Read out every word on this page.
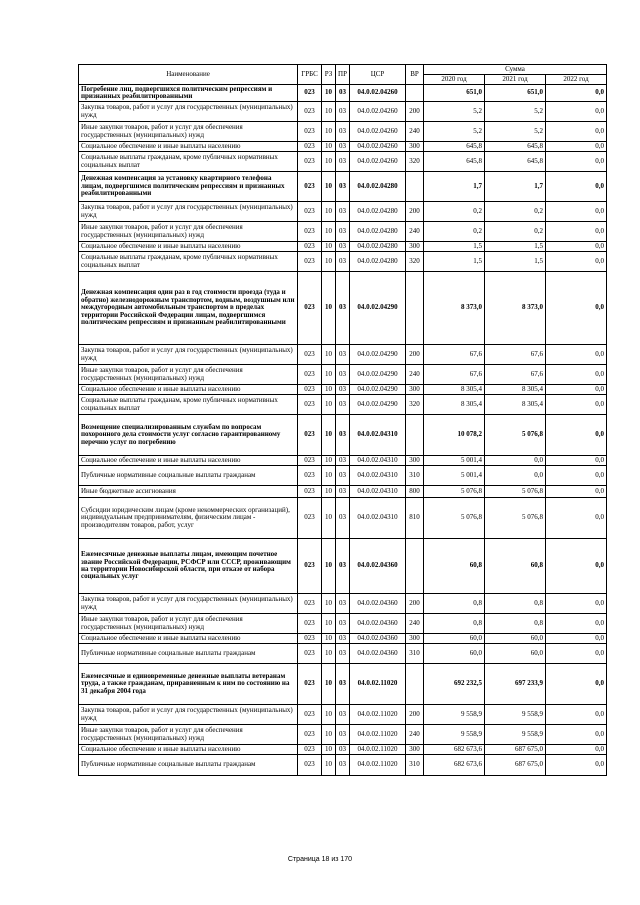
Наименование	ГРБС	РЗ	ПР	ЦСР	ВР	Сумма		
						2020 год	2021 год	2022 год
Погребение лиц, подвергшихся политическим репрессиям и признанных реабилитированными	023	10	03	04.0.02.04260		651,0	651,0	0,0
Закупка товаров, работ и услуг для государственных (муниципальных) нужд	023	10	03	04.0.02.04260	200	5,2	5,2	0,0
Иные закупки товаров, работ и услуг для обеспечения государственных (муниципальных) нужд	023	10	03	04.0.02.04260	240	5,2	5,2	0,0
Социальное обеспечение и иные выплаты населению	023	10	03	04.0.02.04260	300	645,8	645,8	0,0
Социальные выплаты гражданам, кроме публичных нормативных социальных выплат	023	10	03	04.0.02.04260	320	645,8	645,8	0,0
Денежная компенсация за установку квартирного телефона лицам, подвергшимся политическим репрессиям и признанных реабилитированными	023	10	03	04.0.02.04280		1,7	1,7	0,0
Закупка товаров, работ и услуг для государственных (муниципальных) нужд	023	10	03	04.0.02.04280	200	0,2	0,2	0,0
Иные закупки товаров, работ и услуг для обеспечения государственных (муниципальных) нужд	023	10	03	04.0.02.04280	240	0,2	0,2	0,0
Социальное обеспечение и иные выплаты населению	023	10	03	04.0.02.04280	300	1,5	1,5	0,0
Социальные выплаты гражданам, кроме публичных нормативных социальных выплат	023	10	03	04.0.02.04280	320	1,5	1,5	0,0
Денежная компенсация один раз в год стоимости проезда (туда и обратно) железнодорожным транспортом, водным, воздушным или междугородным автомобильным транспортом в пределах территории Российской Федерации лицам, подвергшимся политическим репрессиям и признанным реабилитированными	023	10	03	04.0.02.04290		8 373,0	8 373,0	0,0
Закупка товаров, работ и услуг для государственных (муниципальных) нужд	023	10	03	04.0.02.04290	200	67,6	67,6	0,0
Иные закупки товаров, работ и услуг для обеспечения государственных (муниципальных) нужд	023	10	03	04.0.02.04290	240	67,6	67,6	0,0
Социальное обеспечение и иные выплаты населению	023	10	03	04.0.02.04290	300	8 305,4	8 305,4	0,0
Социальные выплаты гражданам, кроме публичных нормативных социальных выплат	023	10	03	04.0.02.04290	320	8 305,4	8 305,4	0,0
Возмещение специализированным службам по вопросам похоронного дела стоимости услуг согласно гарантированному перечню услуг по погребению	023	10	03	04.0.02.04310		10 078,2	5 076,8	0,0
Социальное обеспечение и иные выплаты населению	023	10	03	04.0.02.04310	300	5 001,4	0,0	0,0
Публичные нормативные социальные выплаты гражданам	023	10	03	04.0.02.04310	310	5 001,4	0,0	0,0
Иные бюджетные ассигнования	023	10	03	04.0.02.04310	800	5 076,8	5 076,8	0,0
Субсидии юридическим лицам (кроме некоммерческих организаций), индивидуальным предпринимателям, физическим лицам - производителям товаров, работ, услуг	023	10	03	04.0.02.04310	810	5 076,8	5 076,8	0,0
Ежемесячные денежные выплаты лицам, имеющим почетное звание Российской Федерации, РСФСР или СССР, проживающим на территории Новосибирской области, при отказе от набора социальных услуг	023	10	03	04.0.02.04360		60,8	60,8	0,0
Закупка товаров, работ и услуг для государственных (муниципальных) нужд	023	10	03	04.0.02.04360	200	0,8	0,8	0,0
Иные закупки товаров, работ и услуг для обеспечения государственных (муниципальных) нужд	023	10	03	04.0.02.04360	240	0,8	0,8	0,0
Социальное обеспечение и иные выплаты населению	023	10	03	04.0.02.04360	300	60,0	60,0	0,0
Публичные нормативные социальные выплаты гражданам	023	10	03	04.0.02.04360	310	60,0	60,0	0,0
Ежемесячные и единовременные денежные выплаты ветеранам труда, а также гражданам, приравненным к ним по состоянию на 31 декабря 2004 года	023	10	03	04.0.02.11020		692 232,5	697 233,9	0,0
Закупка товаров, работ и услуг для государственных (муниципальных) нужд	023	10	03	04.0.02.11020	200	9 558,9	9 558,9	0,0
Иные закупки товаров, работ и услуг для обеспечения государственных (муниципальных) нужд	023	10	03	04.0.02.11020	240	9 558,9	9 558,9	0,0
Социальное обеспечение и иные выплаты населению	023	10	03	04.0.02.11020	300	682 673,6	687 675,0	0,0
Публичные нормативные социальные выплаты гражданам	023	10	03	04.0.02.11020	310	682 673,6	687 675,0	0,0
Страница 18 из 170
